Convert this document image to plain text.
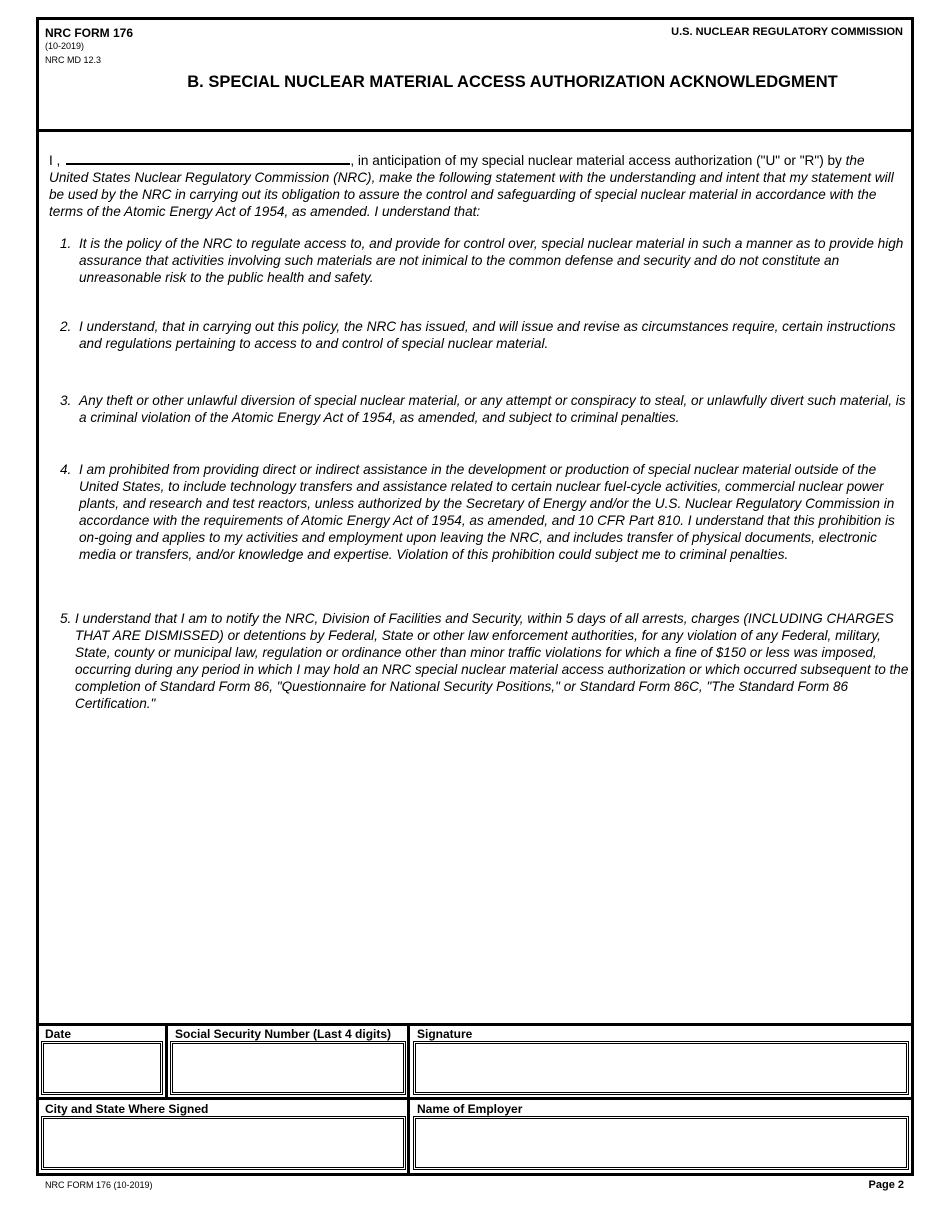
NRC FORM 176
(10-2019)
NRC MD 12.3
U.S. NUCLEAR REGULATORY COMMISSION
B. SPECIAL NUCLEAR MATERIAL ACCESS AUTHORIZATION ACKNOWLEDGMENT
I ,	, in anticipation of my special nuclear material access authorization ("U" or "R") by the United States Nuclear Regulatory Commission (NRC), make the following statement with the understanding and intent that my statement will be used by the NRC in carrying out its obligation to assure the control and safeguarding of special nuclear material in accordance with the terms of the Atomic Energy Act of 1954, as amended. I understand that:
1. It is the policy of the NRC to regulate access to, and provide for control over, special nuclear material in such a manner as to provide high assurance that activities involving such materials are not inimical to the common defense and security and do not constitute an unreasonable risk to the public health and safety.
2. I understand, that in carrying out this policy, the NRC has issued, and will issue and revise as circumstances require, certain instructions and regulations pertaining to access to and control of special nuclear material.
3. Any theft or other unlawful diversion of special nuclear material, or any attempt or conspiracy to steal, or unlawfully divert such material, is a criminal violation of the Atomic Energy Act of 1954, as amended, and subject to criminal penalties.
4. I am prohibited from providing direct or indirect assistance in the development or production of special nuclear material outside of the United States, to include technology transfers and assistance related to certain nuclear fuel-cycle activities, commercial nuclear power plants, and research and test reactors, unless authorized by the Secretary of Energy and/or the U.S. Nuclear Regulatory Commission in accordance with the requirements of Atomic Energy Act of 1954, as amended, and 10 CFR Part 810. I understand that this prohibition is on-going and applies to my activities and employment upon leaving the NRC, and includes transfer of physical documents, electronic media or transfers, and/or knowledge and expertise. Violation of this prohibition could subject me to criminal penalties.
5. I understand that I am to notify the NRC, Division of Facilities and Security, within 5 days of all arrests, charges (INCLUDING CHARGES THAT ARE DISMISSED) or detentions by Federal, State or other law enforcement authorities, for any violation of any Federal, military, State, county or municipal law, regulation or ordinance other than minor traffic violations for which a fine of $150 or less was imposed, occurring during any period in which I may hold an NRC special nuclear material access authorization or which occurred subsequent to the completion of Standard Form 86, "Questionnaire for National Security Positions," or Standard Form 86C, "The Standard Form 86 Certification."
Date	Social Security Number (Last 4 digits) Signature
City and State Where Signed	Name of Employer
NRC FORM 176 (10-2019)	Page 2
